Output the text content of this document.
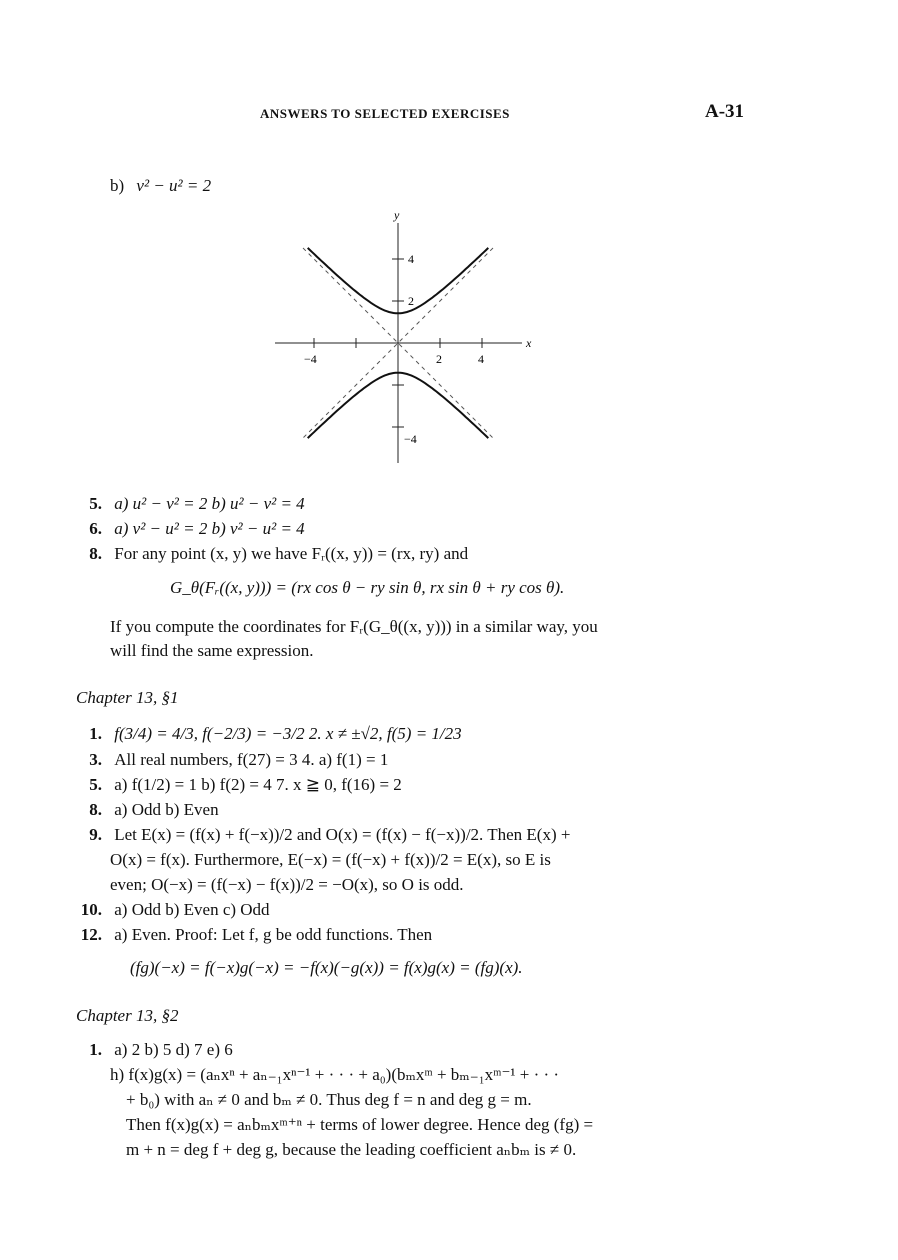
ANSWERS TO SELECTED EXERCISES	A-31
b) v² − u² = 2
y
x
4
2
−4
−4	2	4
5. a) u² − v² = 2 b) u² − v² = 4
6. a) v² − u² = 2 b) v² − u² = 4
8. For any point (x, y) we have Fᵣ((x, y)) = (rx, ry) and
G_θ(Fᵣ((x, y))) = (rx cos θ − ry sin θ, rx sin θ + ry cos θ).
If you compute the coordinates for Fᵣ(G_θ((x, y))) in a similar way, you
will find the same expression.
Chapter 13, §1
1. f(3/4) = 4/3, f(−2/3) = −3/2 2. x ≠ ±√2, f(5) = 1/23
3. All real numbers, f(27) = 3 4. a) f(1) = 1
5. a) f(1/2) = 1 b) f(2) = 4 7. x ≧ 0, f(16) = 2
8. a) Odd b) Even
9. Let E(x) = (f(x) + f(−x))/2 and O(x) = (f(x) − f(−x))/2. Then E(x) +
O(x) = f(x). Furthermore, E(−x) = (f(−x) + f(x))/2 = E(x), so E is
even; O(−x) = (f(−x) − f(x))/2 = −O(x), so O is odd.
10. a) Odd b) Even c) Odd
12. a) Even. Proof: Let f, g be odd functions. Then
(fg)(−x) = f(−x)g(−x) = −f(x)(−g(x)) = f(x)g(x) = (fg)(x).
Chapter 13, §2
1. a) 2 b) 5 d) 7 e) 6
h) f(x)g(x) = (aₙxⁿ + aₙ₋₁xⁿ⁻¹ + · · · + a₀)(bₘxᵐ + bₘ₋₁xᵐ⁻¹ + · · ·
+ b₀) with aₙ ≠ 0 and bₘ ≠ 0. Thus deg f = n and deg g = m.
Then f(x)g(x) = aₙbₘxᵐ⁺ⁿ + terms of lower degree. Hence deg (fg) =
m + n = deg f + deg g, because the leading coefficient aₙbₘ is ≠ 0.
